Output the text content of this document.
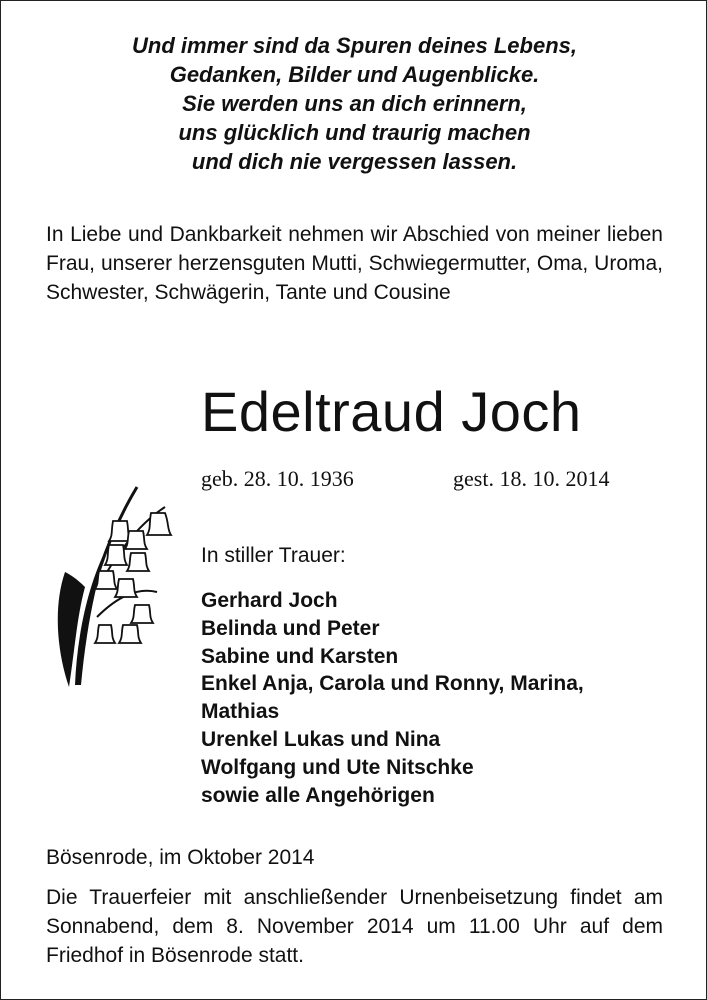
Und immer sind da Spuren deines Lebens,
Gedanken, Bilder und Augenblicke.
Sie werden uns an dich erinnern,
uns glücklich und traurig machen
und dich nie vergessen lassen.
In Liebe und Dankbarkeit nehmen wir Abschied von meiner lieben Frau, unserer herzensguten Mutti, Schwiegermutter, Oma, Uroma, Schwester, Schwägerin, Tante und Cousine
Edeltraud Joch
geb. 28. 10. 1936	gest. 18. 10. 2014
In stiller Trauer:
Gerhard Joch
Belinda und Peter
Sabine und Karsten
Enkel Anja, Carola und Ronny, Marina,
Mathias
Urenkel Lukas und Nina
Wolfgang und Ute Nitschke
sowie alle Angehörigen
Bösenrode, im Oktober 2014
Die Trauerfeier mit anschließender Urnenbeisetzung findet am Sonnabend, dem 8. November 2014 um 11.00 Uhr auf dem Friedhof in Bösenrode statt.
